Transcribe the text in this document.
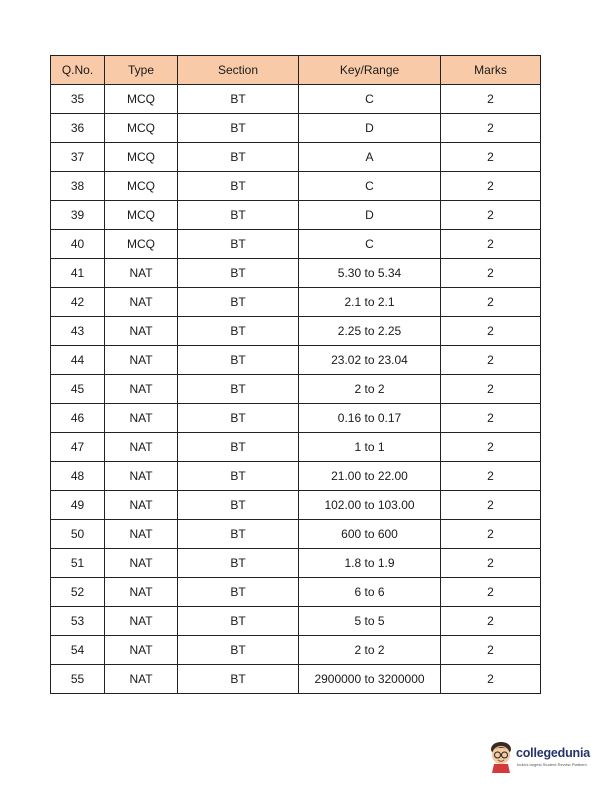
Q.No.	Type	Section	Key/Range	Marks
35	MCQ	BT	C	2
36	MCQ	BT	D	2
37	MCQ	BT	A	2
38	MCQ	BT	C	2
39	MCQ	BT	D	2
40	MCQ	BT	C	2
41	NAT	BT	5.30 to 5.34	2
42	NAT	BT	2.1 to 2.1	2
43	NAT	BT	2.25 to 2.25	2
44	NAT	BT	23.02 to 23.04	2
45	NAT	BT	2 to 2	2
46	NAT	BT	0.16 to 0.17	2
47	NAT	BT	1 to 1	2
48	NAT	BT	21.00 to 22.00	2
49	NAT	BT	102.00 to 103.00	2
50	NAT	BT	600 to 600	2
51	NAT	BT	1.8 to 1.9	2
52	NAT	BT	6 to 6	2
53	NAT	BT	5 to 5	2
54	NAT	BT	2 to 2	2
55	NAT	BT	2900000 to 3200000	2
collegedunia
India's largest Student Review Platform
